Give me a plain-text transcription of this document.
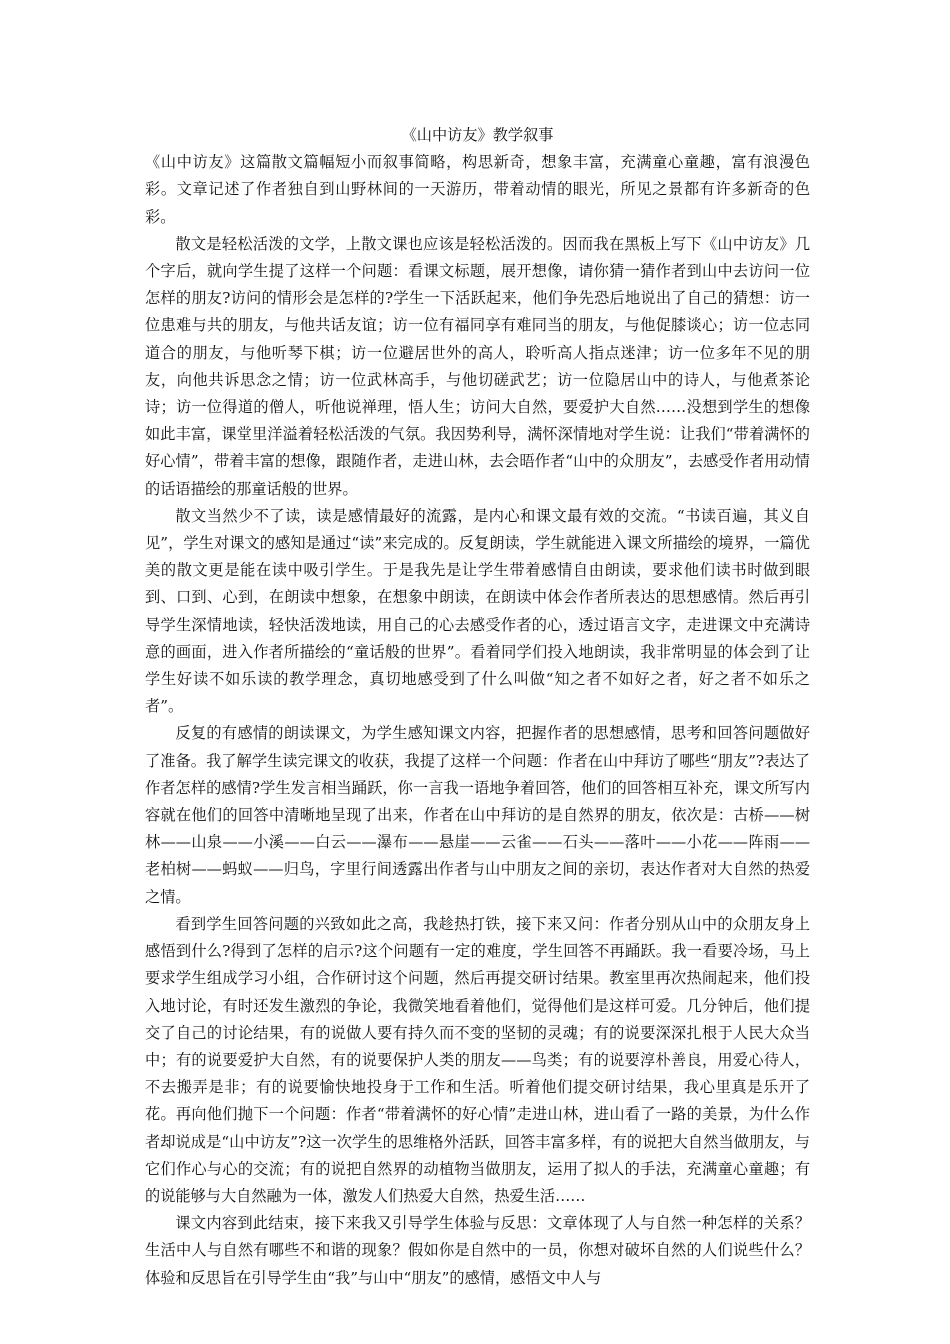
《山中访友》教学叙事

《山中访友》这篇散文篇幅短小而叙事简略，构思新奇，想象丰富，充满童心童趣，富有浪漫色彩。文章记述了作者独自到山野林间的一天游历，带着动情的眼光，所见之景都有许多新奇的色彩。

散文是轻松活泼的文学，上散文课也应该是轻松活泼的。因而我在黑板上写下《山中访友》几个字后，就向学生提了这样一个问题：看课文标题，展开想像，请你猜一猜作者到山中去访问一位怎样的朋友?访问的情形会是怎样的?学生一下活跃起来，他们争先恐后地说出了自己的猜想：访一位患难与共的朋友，与他共话友谊；访一位有福同享有难同当的朋友，与他促膝谈心；访一位志同道合的朋友，与他听琴下棋；访一位避居世外的高人，聆听高人指点迷津；访一位多年不见的朋友，向他共诉思念之情；访一位武林高手，与他切磋武艺；访一位隐居山中的诗人，与他煮茶论诗；访一位得道的僧人，听他说禅理，悟人生；访问大自然，要爱护大自然……没想到学生的想像如此丰富，课堂里洋溢着轻松活泼的气氛。我因势利导，满怀深情地对学生说：让我们“带着满怀的好心情”，带着丰富的想像，跟随作者，走进山林，去会晤作者“山中的众朋友”，去感受作者用动情的话语描绘的那童话般的世界。

散文当然少不了读，读是感情最好的流露，是内心和课文最有效的交流。“书读百遍，其义自见”，学生对课文的感知是通过“读”来完成的。反复朗读，学生就能进入课文所描绘的境界，一篇优美的散文更是能在读中吸引学生。于是我先是让学生带着感情自由朗读，要求他们读书时做到眼到、口到、心到，在朗读中想象，在想象中朗读，在朗读中体会作者所表达的思想感情。然后再引导学生深情地读，轻快活泼地读，用自己的心去感受作者的心，透过语言文字，走进课文中充满诗意的画面，进入作者所描绘的“童话般的世界”。看着同学们投入地朗读，我非常明显的体会到了让学生好读不如乐读的教学理念，真切地感受到了什么叫做“知之者不如好之者，好之者不如乐之者”。

反复的有感情的朗读课文，为学生感知课文内容，把握作者的思想感情，思考和回答问题做好了准备。我了解学生读完课文的收获，我提了这样一个问题：作者在山中拜访了哪些“朋友”?表达了作者怎样的感情?学生发言相当踊跃，你一言我一语地争着回答，他们的回答相互补充，课文所写内容就在他们的回答中清晰地呈现了出来，作者在山中拜访的是自然界的朋友，依次是：古桥——树林——山泉——小溪——白云——瀑布——悬崖——云雀——石头——落叶——小花——阵雨——老柏树——蚂蚁——归鸟，字里行间透露出作者与山中朋友之间的亲切，表达作者对大自然的热爱之情。

看到学生回答问题的兴致如此之高，我趁热打铁，接下来又问：作者分别从山中的众朋友身上感悟到什么?得到了怎样的启示?这个问题有一定的难度，学生回答不再踊跃。我一看要冷场，马上要求学生组成学习小组，合作研讨这个问题，然后再提交研讨结果。教室里再次热闹起来，他们投入地讨论，有时还发生激烈的争论，我微笑地看着他们，觉得他们是这样可爱。几分钟后，他们提交了自己的讨论结果，有的说做人要有持久而不变的坚韧的灵魂；有的说要深深扎根于人民大众当中；有的说要爱护大自然，有的说要保护人类的朋友——鸟类；有的说要淳朴善良，用爱心待人，不去搬弄是非；有的说要愉快地投身于工作和生活。听着他们提交研讨结果，我心里真是乐开了花。再向他们抛下一个问题：作者“带着满怀的好心情”走进山林，进山看了一路的美景，为什么作者却说成是“山中访友”?这一次学生的思维格外活跃，回答丰富多样，有的说把大自然当做朋友，与它们作心与心的交流；有的说把自然界的动植物当做朋友，运用了拟人的手法，充满童心童趣；有的说能够与大自然融为一体，激发人们热爱大自然，热爱生活……

课文内容到此结束，接下来我又引导学生体验与反思：文章体现了人与自然一种怎样的关系？生活中人与自然有哪些不和谐的现象？假如你是自然中的一员，你想对破坏自然的人们说些什么？体验和反思旨在引导学生由“我”与山中“朋友”的感情，感悟文中人与
